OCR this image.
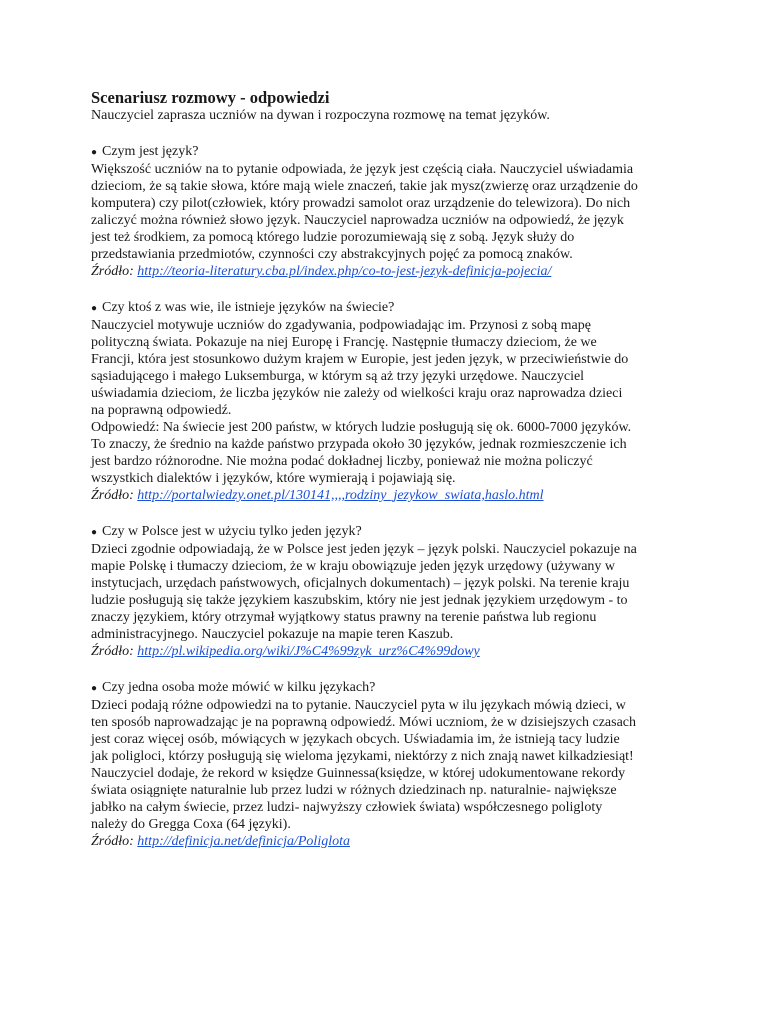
Scenariusz rozmowy - odpowiedzi

Nauczyciel zaprasza uczniów na dywan i rozpoczyna rozmowę na temat języków.

● Czym jest język?

Większość uczniów na to pytanie odpowiada, że język jest częścią ciała. Nauczyciel uświadamia dzieciom, że są takie słowa, które mają wiele znaczeń, takie jak mysz(zwierzę oraz urządzenie do komputera) czy pilot(człowiek, który prowadzi samolot oraz urządzenie do telewizora). Do nich zaliczyć można również słowo język. Nauczyciel naprowadza uczniów na odpowiedź, że język jest też środkiem, za pomocą którego ludzie porozumiewają się z sobą. Język służy do przedstawiania przedmiotów, czynności czy abstrakcyjnych pojęć za pomocą znaków.

Źródło: http://teoria-literatury.cba.pl/index.php/co-to-jest-jezyk-definicja-pojecia/

● Czy ktoś z was wie, ile istnieje języków na świecie?

Nauczyciel motywuje uczniów do zgadywania, podpowiadając im. Przynosi z sobą mapę polityczną świata. Pokazuje na niej Europę i Francję. Następnie tłumaczy dzieciom, że we Francji, która jest stosunkowo dużym krajem w Europie, jest jeden język, w przeciwieństwie do sąsiadującego i małego Luksemburga, w którym są aż trzy języki urzędowe. Nauczyciel uświadamia dzieciom, że liczba języków nie zależy od wielkości kraju oraz naprowadza dzieci na poprawną odpowiedź.

Odpowiedź: Na świecie jest 200 państw, w których ludzie posługują się ok. 6000-7000 języków. To znaczy, że średnio na każde państwo przypada około 30 języków, jednak rozmieszczenie ich jest bardzo różnorodne. Nie można podać dokładnej liczby, ponieważ nie można policzyć wszystkich dialektów i języków, które wymierają i pojawiają się.

Źródło: http://portalwiedzy.onet.pl/130141,,,,rodziny_jezykow_swiata,haslo.html

● Czy w Polsce jest w użyciu tylko jeden język?

Dzieci zgodnie odpowiadają, że w Polsce jest jeden język – język polski. Nauczyciel pokazuje na mapie Polskę i tłumaczy dzieciom, że w kraju obowiązuje jeden język urzędowy (używany w instytucjach, urzędach państwowych, oficjalnych dokumentach) – język polski. Na terenie kraju ludzie posługują się także językiem kaszubskim, który nie jest jednak językiem urzędowym - to znaczy językiem, który otrzymał wyjątkowy status prawny na terenie państwa lub regionu administracyjnego. Nauczyciel pokazuje na mapie teren Kaszub.

Źródło: http://pl.wikipedia.org/wiki/J%C4%99zyk_urz%C4%99dowy

● Czy jedna osoba może mówić w kilku językach?

Dzieci podają różne odpowiedzi na to pytanie. Nauczyciel pyta w ilu językach mówią dzieci, w ten sposób naprowadzając je na poprawną odpowiedź. Mówi uczniom, że w dzisiejszych czasach jest coraz więcej osób, mówiących w językach obcych. Uświadamia im, że istnieją tacy ludzie jak poligloci, którzy posługują się wieloma językami, niektórzy z nich znają nawet kilkadziesiąt! Nauczyciel dodaje, że rekord w księdze Guinnessa(księdze, w której udokumentowane rekordy świata osiągnięte naturalnie lub przez ludzi w różnych dziedzinach np. naturalnie- największe jabłko na całym świecie, przez ludzi- najwyższy człowiek świata) współczesnego poligloty należy do Gregga Coxa (64 języki).

Źródło: http://definicja.net/definicja/Poliglota
